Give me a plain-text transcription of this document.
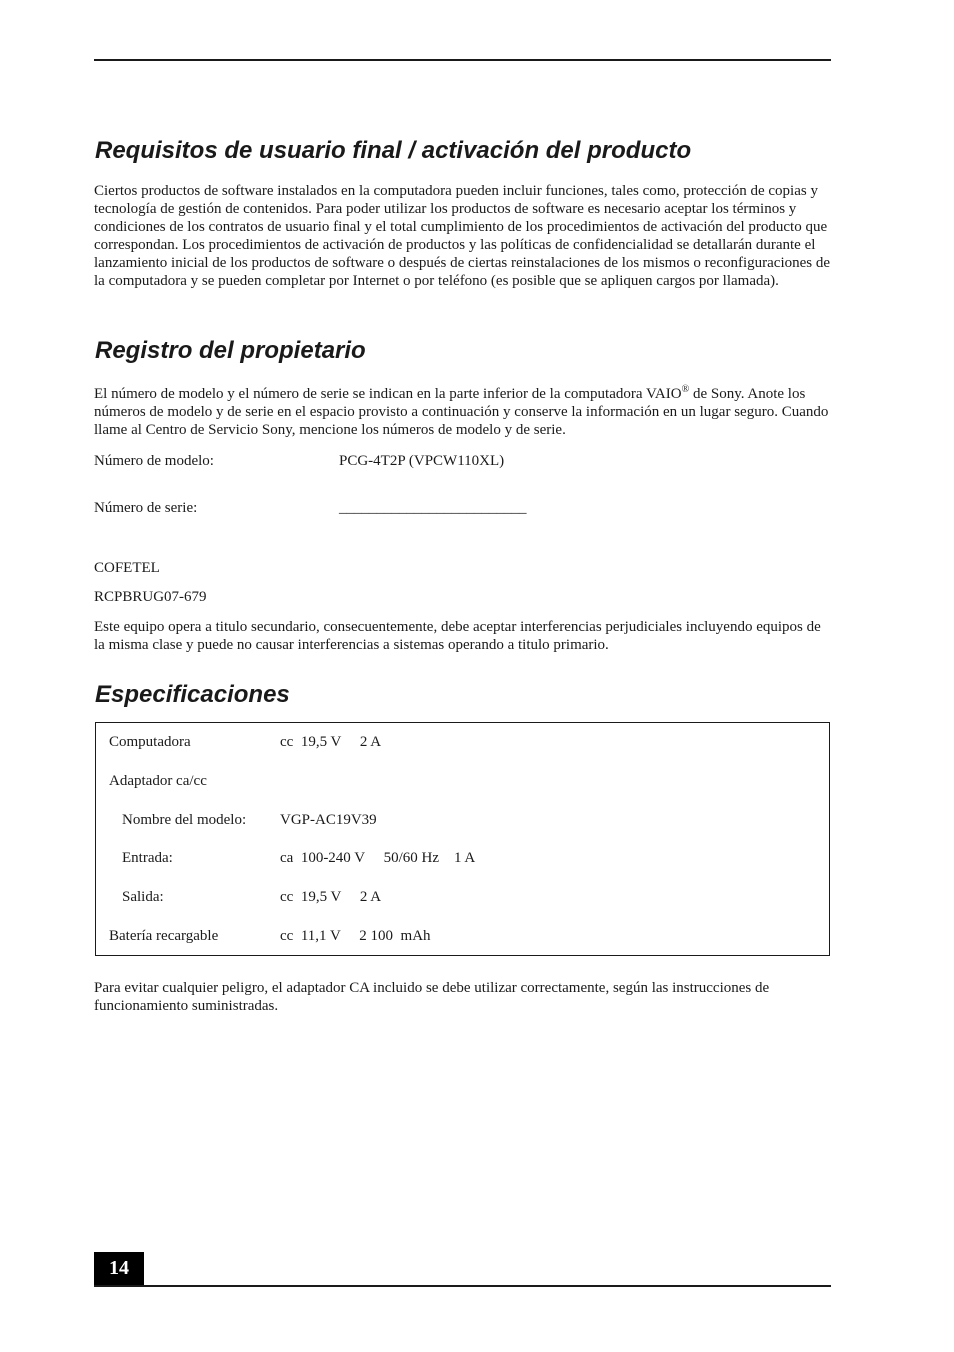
Requisitos de usuario final / activación del producto

Ciertos productos de software instalados en la computadora pueden incluir funciones, tales como, protección de copias y tecnología de gestión de contenidos. Para poder utilizar los productos de software es necesario aceptar los términos y condiciones de los contratos de usuario final y el total cumplimiento de los procedimientos de activación del producto que correspondan. Los procedimientos de activación de productos y las políticas de confidencialidad se detallarán durante el lanzamiento inicial de los productos de software o después de ciertas reinstalaciones de los mismos o reconfiguraciones de la computadora y se pueden completar por Internet o por teléfono (es posible que se apliquen cargos por llamada).

Registro del propietario

El número de modelo y el número de serie se indican en la parte inferior de la computadora VAIO® de Sony. Anote los números de modelo y de serie en el espacio provisto a continuación y conserve la información en un lugar seguro. Cuando llame al Centro de Servicio Sony, mencione los números de modelo y de serie.

Número de modelo:	PCG-4T2P (VPCW110XL)
Número de serie:	_________________________
COFETEL
RCPBRUG07-679

Este equipo opera a titulo secundario, consecuentemente, debe aceptar interferencias perjudiciales incluyendo equipos de la misma clase y puede no causar interferencias a sistemas operando a titulo primario.

Especificaciones
Computadora	cc  19,5 V     2 A
Adaptador ca/cc
Nombre del modelo: VGP-AC19V39
Entrada:	ca  100-240 V     50/60 Hz    1 A
Salida:	cc  19,5 V     2 A
Batería recargable	cc  11,1 V     2 100  mAh

Para evitar cualquier peligro, el adaptador CA incluido se debe utilizar correctamente, según las instrucciones de funcionamiento suministradas.

14
